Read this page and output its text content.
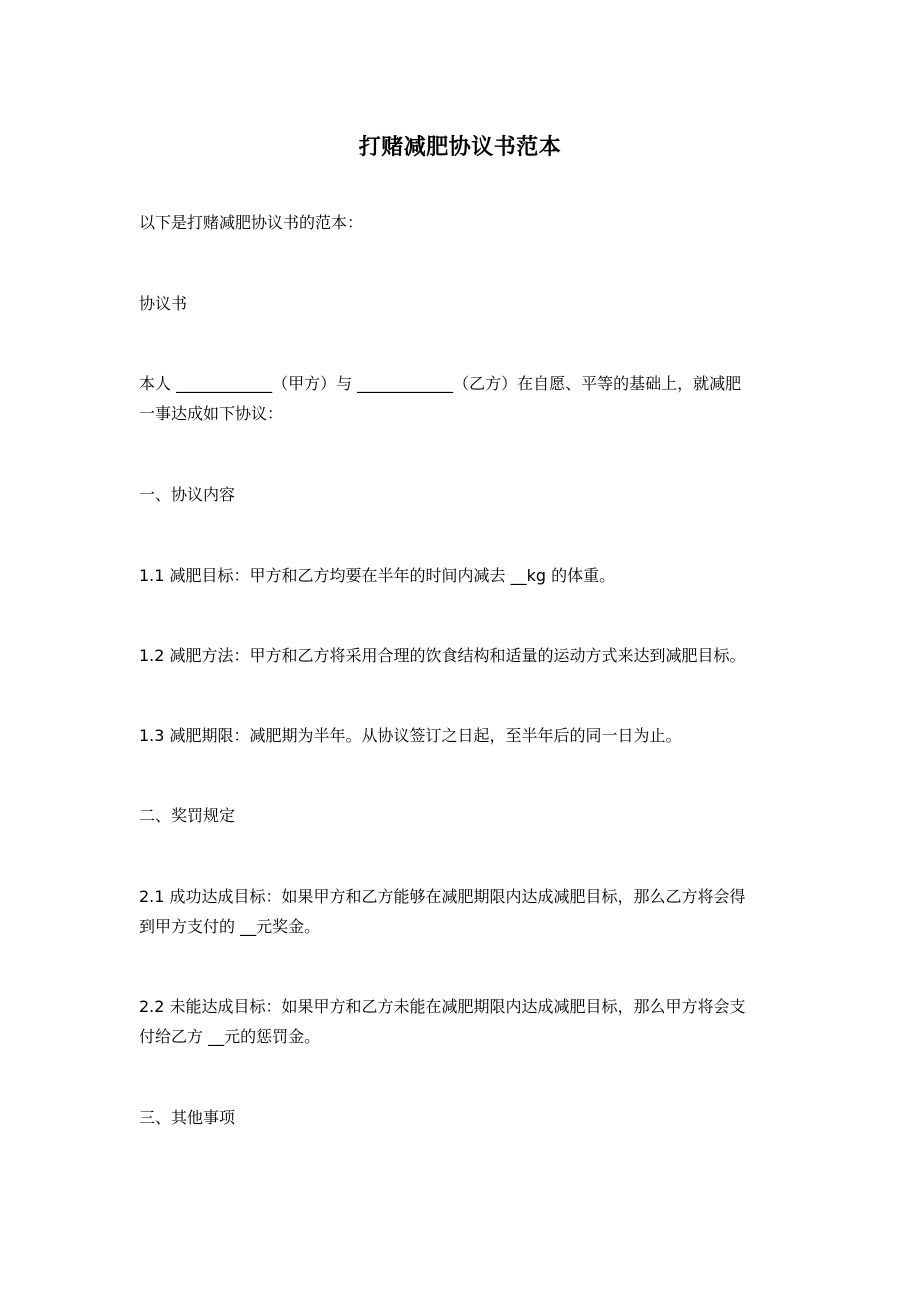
打赌减肥协议书范本
以下是打赌减肥协议书的范本：
协议书
本人 ____________（甲方）与 ____________（乙方）在自愿、平等的基础上，就减肥
一事达成如下协议：
一、协议内容
1.1 减肥目标：甲方和乙方均要在半年的时间内减去 __kg 的体重。
1.2 减肥方法：甲方和乙方将采用合理的饮食结构和适量的运动方式来达到减肥目标。
1.3 减肥期限：减肥期为半年。从协议签订之日起，至半年后的同一日为止。
二、奖罚规定
2.1 成功达成目标：如果甲方和乙方能够在减肥期限内达成减肥目标，那么乙方将会得
到甲方支付的 __元奖金。
2.2 未能达成目标：如果甲方和乙方未能在减肥期限内达成减肥目标，那么甲方将会支
付给乙方 __元的惩罚金。
三、其他事项
